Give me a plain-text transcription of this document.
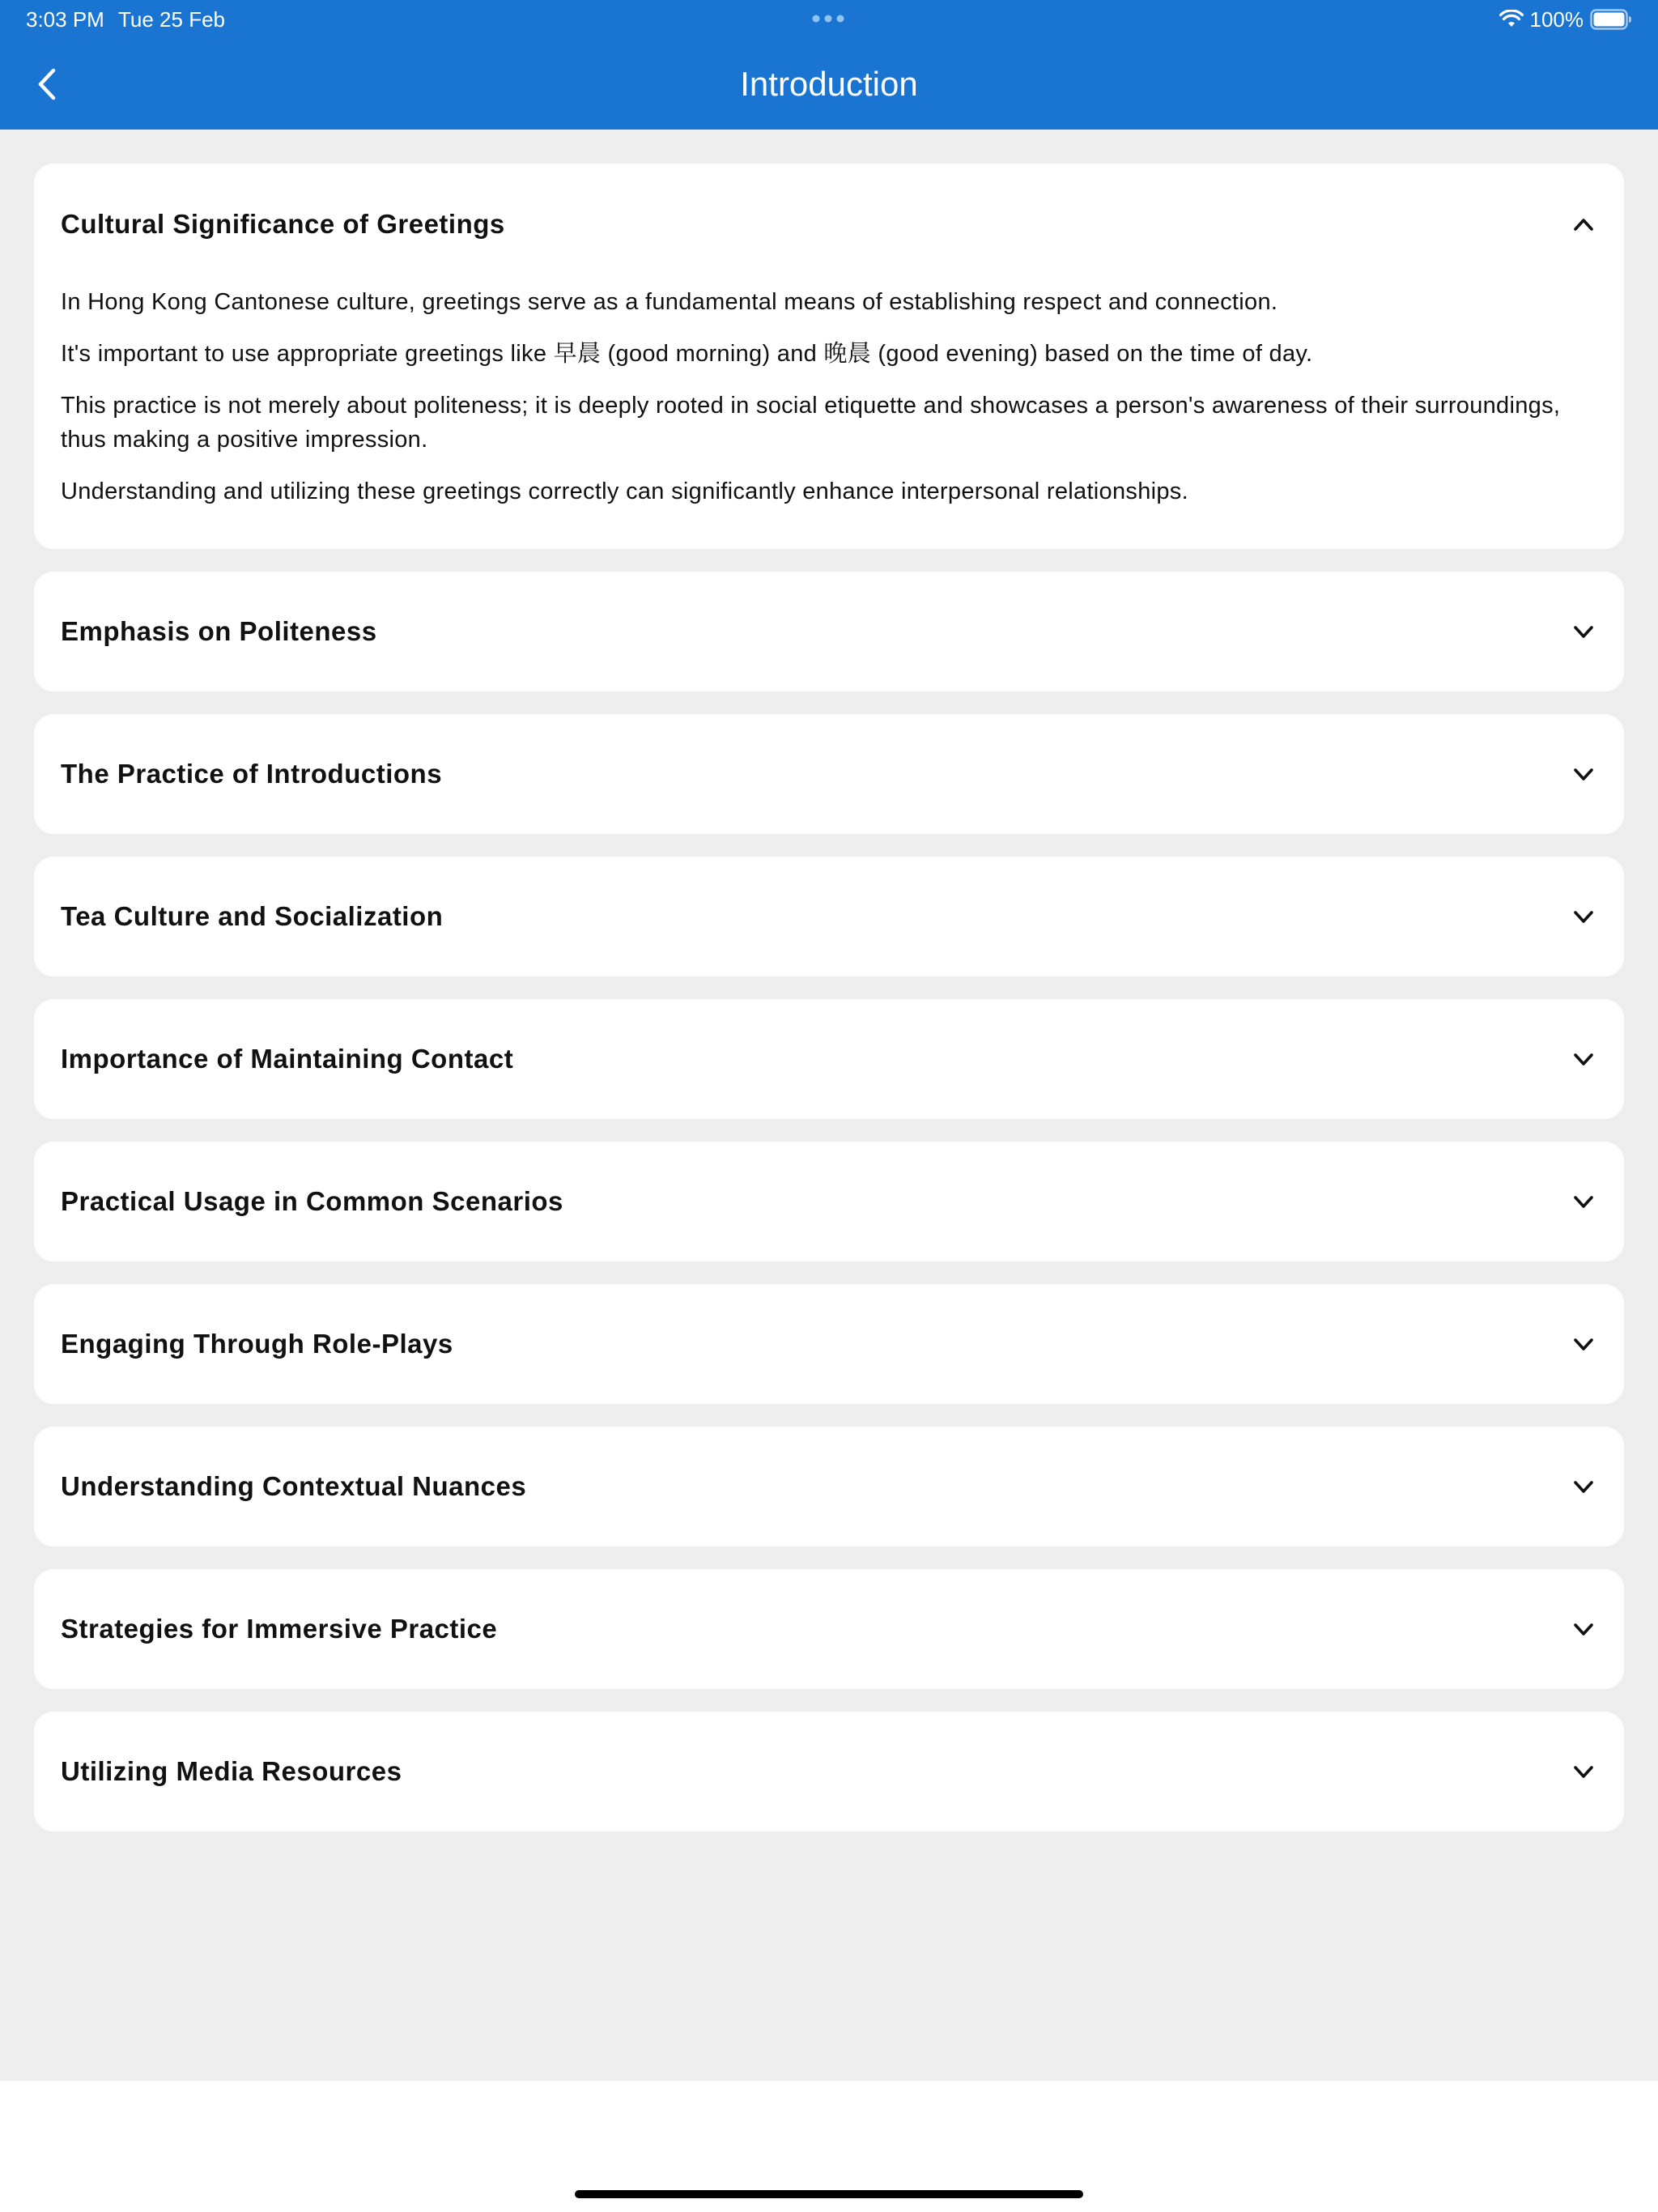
3:03 PM Tue 25 Feb	100%
Introduction
Cultural Significance of Greetings

In Hong Kong Cantonese culture, greetings serve as a fundamental means of establishing respect and connection.

It's important to use appropriate greetings like 早晨 (good morning) and 晚晨 (good evening) based on the time of day.

This practice is not merely about politeness; it is deeply rooted in social etiquette and showcases a person's awareness of their surroundings, thus making a positive impression.

Understanding and utilizing these greetings correctly can significantly enhance interpersonal relationships.

Emphasis on Politeness
The Practice of Introductions
Tea Culture and Socialization
Importance of Maintaining Contact
Practical Usage in Common Scenarios
Engaging Through Role-Plays
Understanding Contextual Nuances
Strategies for Immersive Practice
Utilizing Media Resources
